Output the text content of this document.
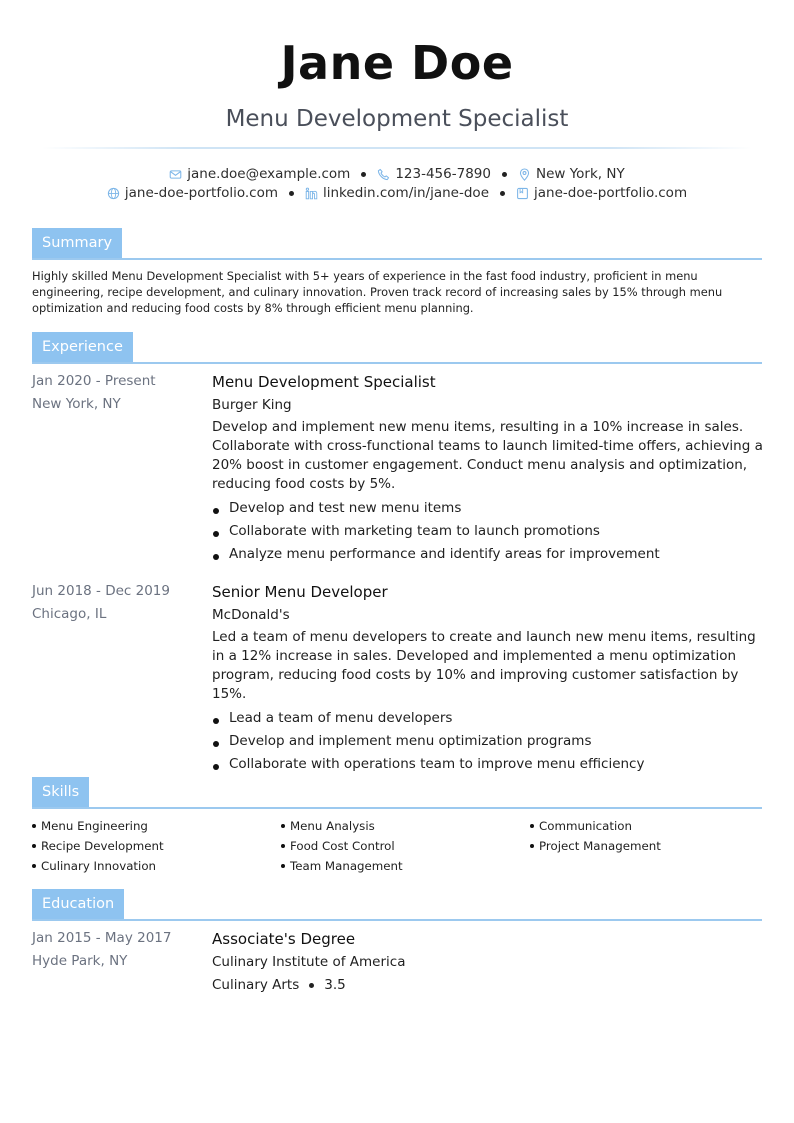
Jane Doe
Menu Development Specialist
jane.doe@example.com	123-456-7890	New York, NY
jane-doe-portfolio.com	linkedin.com/in/jane-doe	jane-doe-portfolio.com
Summary
Highly skilled Menu Development Specialist with 5+ years of experience in the fast food industry, proficient in menu engineering, recipe development, and culinary innovation. Proven track record of increasing sales by 15% through menu optimization and reducing food costs by 8% through efficient menu planning.
Experience
Jan 2020 - Present
New York, NY
Menu Development Specialist
Burger King
Develop and implement new menu items, resulting in a 10% increase in sales. Collaborate with cross-functional teams to launch limited-time offers, achieving a 20% boost in customer engagement. Conduct menu analysis and optimization, reducing food costs by 5%.
Develop and test new menu items
Collaborate with marketing team to launch promotions
Analyze menu performance and identify areas for improvement
Jun 2018 - Dec 2019
Chicago, IL
Senior Menu Developer
McDonald's
Led a team of menu developers to create and launch new menu items, resulting in a 12% increase in sales. Developed and implemented a menu optimization program, reducing food costs by 10% and improving customer satisfaction by 15%.
Lead a team of menu developers
Develop and implement menu optimization programs
Collaborate with operations team to improve menu efficiency
Skills
Menu Engineering
Recipe Development
Culinary Innovation
Menu Analysis
Food Cost Control
Team Management
Communication
Project Management
Education
Jan 2015 - May 2017
Hyde Park, NY
Associate's Degree
Culinary Institute of America
Culinary Arts 3.5
